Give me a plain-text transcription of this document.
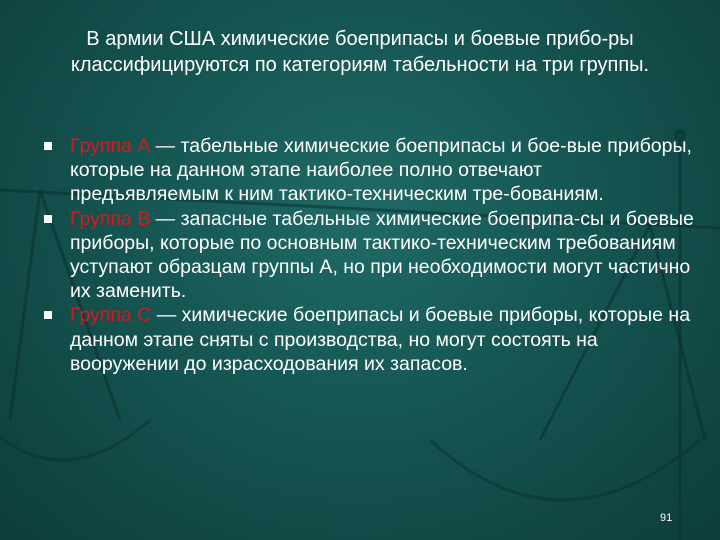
В армии США химические боеприпасы и боевые прибо-ры классифицируются по категориям табельности на три группы.

Группа А — табельные химические боеприпасы и бое-вые приборы, которые на данном этапе наиболее полно отвечают предъявляемым к ним тактико-техническим тре-бованиям.

Группа В — запасные табельные химические боеприпа-сы и боевые приборы, которые по основным тактико-техническим требованиям уступают образцам группы А, но при необходимости могут частично их заменить.

Группа С — химические боеприпасы и боевые приборы, которые на данном этапе сняты с производства, но могут состоять на вооружении до израсходования их запасов.

91
